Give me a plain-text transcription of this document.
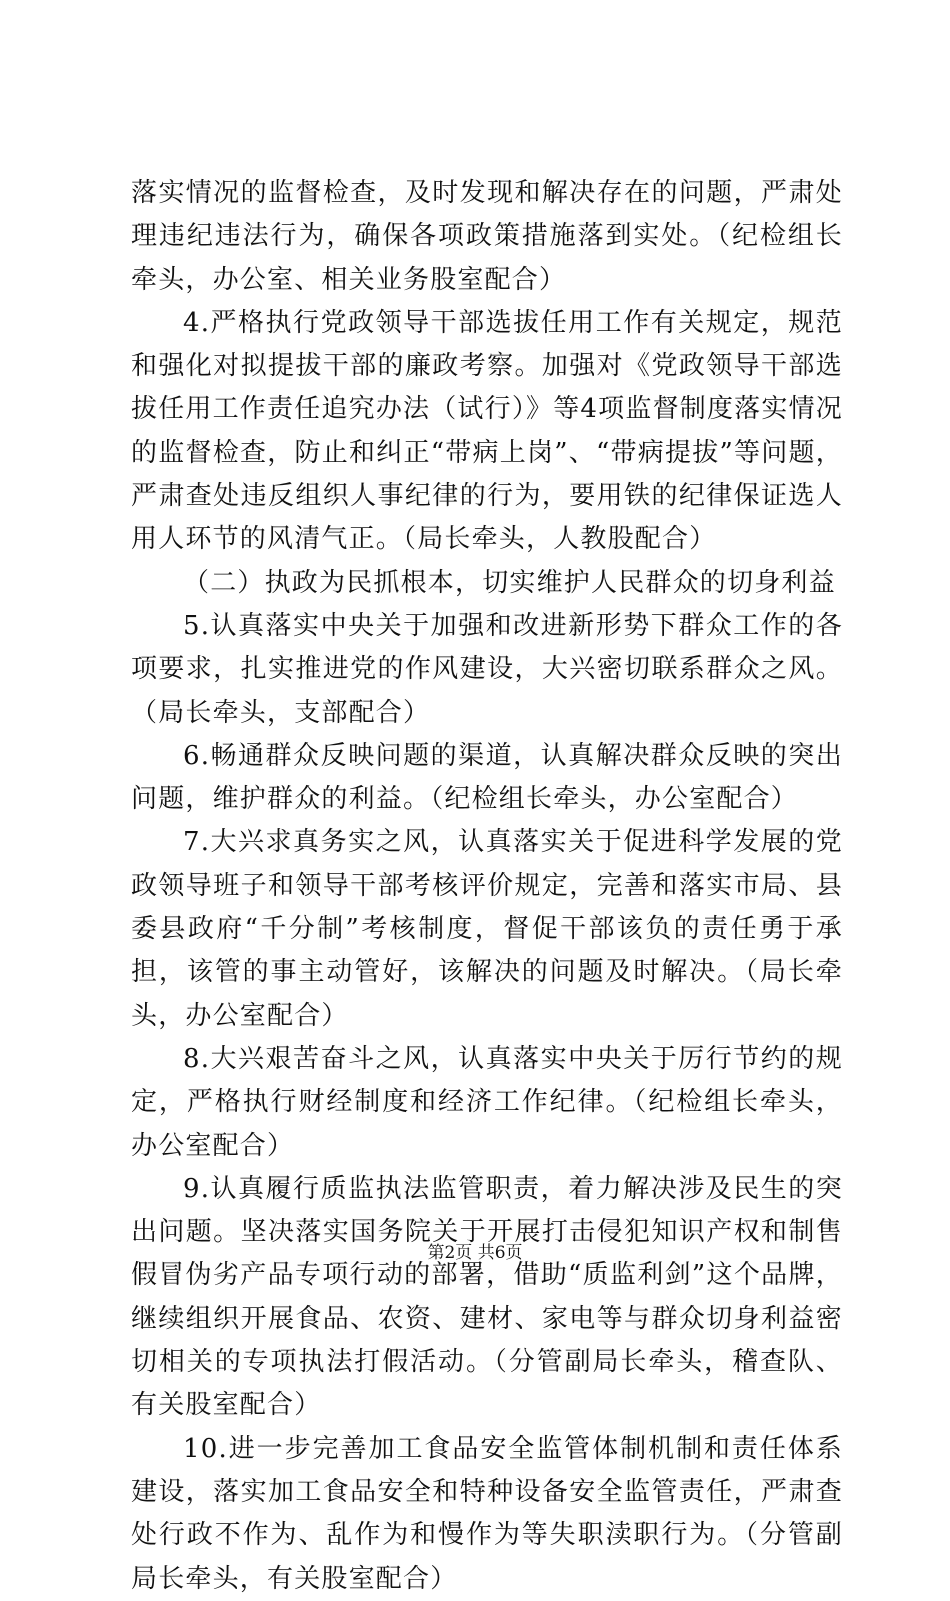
落实情况的监督检查，及时发现和解决存在的问题，严肃处理违纪违法行为，确保各项政策措施落到实处。（纪检组长牵头，办公室、相关业务股室配合）

4.严格执行党政领导干部选拔任用工作有关规定，规范和强化对拟提拔干部的廉政考察。加强对《党政领导干部选拔任用工作责任追究办法（试行）》等4项监督制度落实情况的监督检查，防止和纠正“带病上岗”、“带病提拔”等问题，严肃查处违反组织人事纪律的行为，要用铁的纪律保证选人用人环节的风清气正。（局长牵头，人教股配合）

（二）执政为民抓根本，切实维护人民群众的切身利益

5.认真落实中央关于加强和改进新形势下群众工作的各项要求，扎实推进党的作风建设，大兴密切联系群众之风。（局长牵头，支部配合）

6.畅通群众反映问题的渠道，认真解决群众反映的突出问题，维护群众的利益。（纪检组长牵头，办公室配合）

7.大兴求真务实之风，认真落实关于促进科学发展的党政领导班子和领导干部考核评价规定，完善和落实市局、县委县政府“千分制”考核制度，督促干部该负的责任勇于承担，该管的事主动管好，该解决的问题及时解决。（局长牵头，办公室配合）

8.大兴艰苦奋斗之风，认真落实中央关于厉行节约的规定，严格执行财经制度和经济工作纪律。（纪检组长牵头，办公室配合）

9.认真履行质监执法监管职责，着力解决涉及民生的突出问题。坚决落实国务院关于开展打击侵犯知识产权和制售假冒伪劣产品专项行动的部署，借助“质监利剑”这个品牌，继续组织开展食品、农资、建材、家电等与群众切身利益密切相关的专项执法打假活动。（分管副局长牵头，稽查队、有关股室配合）

10.进一步完善加工食品安全监管体制机制和责任体系建设，落实加工食品安全和特种设备安全监管责任，严肃查处行政不作为、乱作为和慢作为等失职渎职行为。（分管副局长牵头，有关股室配合）

第2页 共6页
